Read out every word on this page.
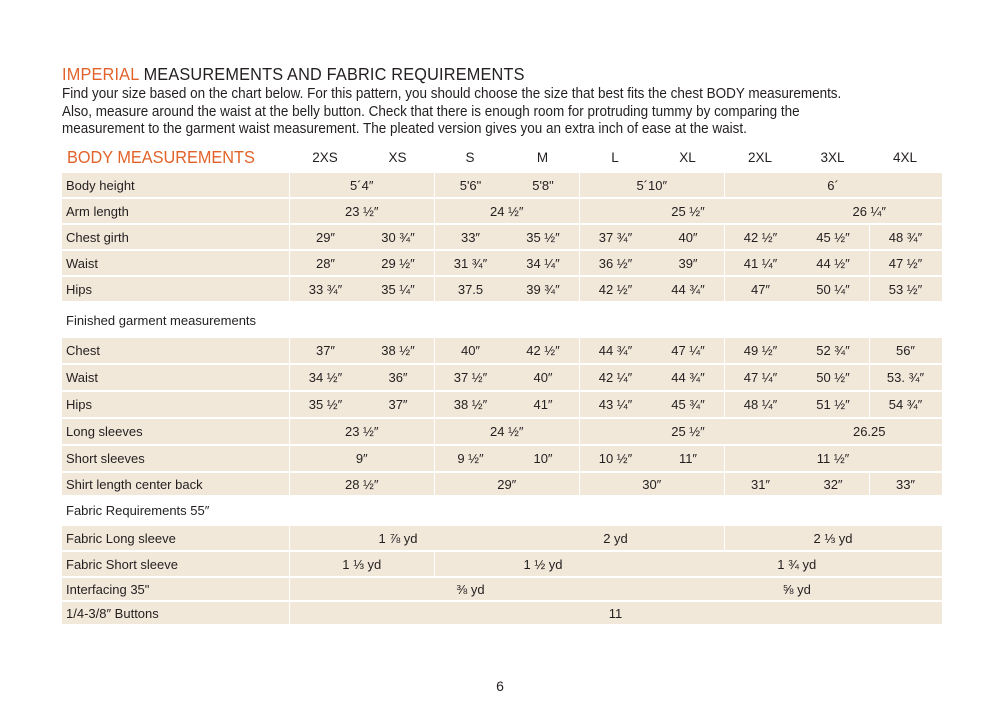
IMPERIAL MEASUREMENTS AND FABRIC REQUIREMENTS
Find your size based on the chart below. For this pattern, you should choose the size that best fits the chest BODY measurements.
Also, measure around the waist at the belly button. Check that there is enough room for protruding tummy by comparing the
measurement to the garment waist measurement. The pleated version gives you an extra inch of ease at the waist.
BODY MEASUREMENTS	2XS	XS	S	M	L	XL	2XL	3XL	4XL
Body height	5´4″	5'6"	5'8"	5´10″	6´
Arm length	23 ½″	24 ½″	25 ½″	26 ¼″
Chest girth	29″	30 ¾″	33″	35 ½″	37 ¾″	40″	42 ½″	45 ½″	48 ¾″
Waist	28″	29 ½″	31 ¾″	34 ¼″	36 ½″	39″	41 ¼″	44 ½″	47 ½″
Hips	33 ¾″	35 ¼″	37.5	39 ¾″	42 ½″	44 ¾″	47″	50 ¼″	53 ½″
Finished garment measurements
Chest	37″	38 ½″	40″	42 ½″	44 ¾″	47 ¼″	49 ½″	52 ¾″	56″
Waist	34 ½″	36″	37 ½″	40″	42 ¼″	44 ¾″	47 ¼″	50 ½″	53. ¾″
Hips	35 ½″	37″	38 ½″	41″	43 ¼″	45 ¾″	48 ¼″	51 ½″	54 ¾″
Long sleeves	23 ½″	24 ½″	25 ½″	26.25
Short sleeves	9″	9 ½″	10″	10 ½″	11″	11 ½″
Shirt length center back	28 ½″	29″	30″	31″	32″	33″
Fabric Requirements 55″
Fabric Long sleeve	1 ⅞ yd	2 yd	2 ⅓ yd
Fabric Short sleeve	1 ⅓ yd	1 ½ yd	1 ¾ yd
Interfacing 35"	⅜ yd	⅝ yd
1/4-3/8″ Buttons	11
6
